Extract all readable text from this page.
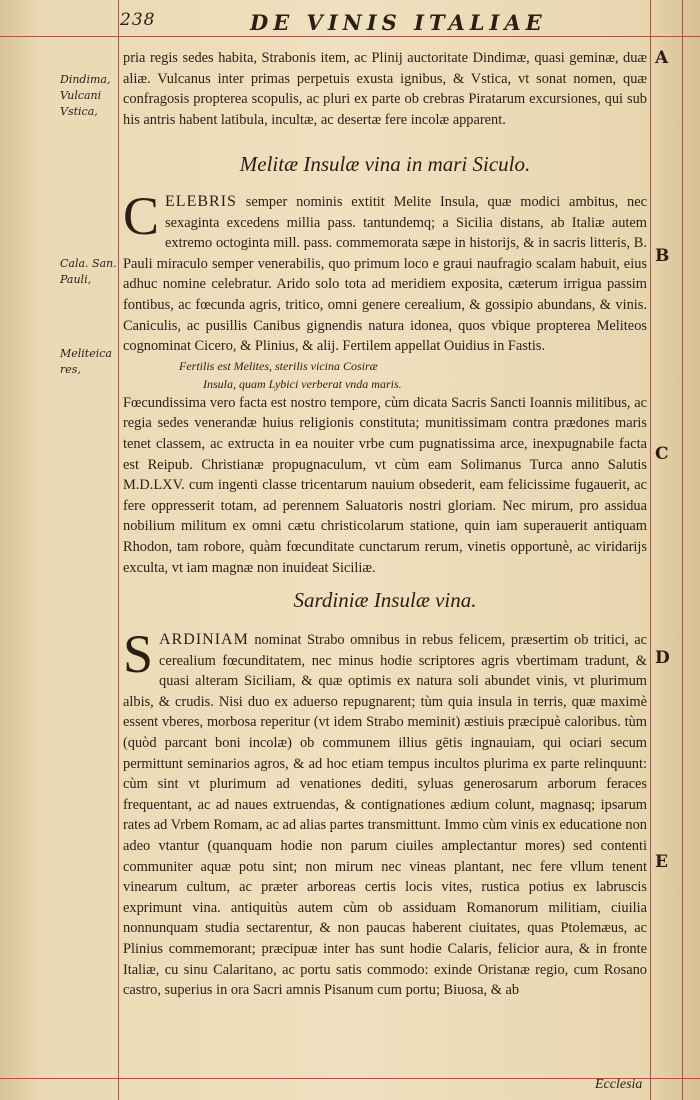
238	DE VINIS ITALIAE
Dindima,
Vulcani
Vstica,
Cala. San.
Pauli,
Meliteica
res,
A
B
C
D
E

pria regis sedes habita, Strabonis item, ac Plinij auctoritate Dindimæ, quasi geminæ, duæ aliæ. Vulcanus inter primas perpetuis exusta ignibus, & Vstica, vt sonat nomen, quæ confragosis propterea scopulis, ac pluri ex parte ob crebras Piratarum excursiones, qui sub his antris habent latibula, incultæ, ac desertæ fere incolæ apparent.

Melitæ Insulæ vina in mari Siculo.

C ELEBRIS semper nominis extitit Melite Insula, quæ modici ambitus, nec sexaginta excedens millia pass. tantundemq; a Sicilia distans, ab Italiæ autem extremo octoginta mill. pass. commemorata sæpe in historijs, & in sacris litteris, B. Pauli miraculo semper venerabilis, quo primum loco e graui naufragio scalam habuit, eius adhuc nomine celebratur. Arido solo tota ad meridiem exposita, cæterum irrigua passim fontibus, ac fœcunda agris, tritico, omni genere cerealium, & gossipio abundans, & vinis. Caniculis, ac pusillis Canibus gignendis natura idonea, quos vbique propterea Meliteos cognominat Cicero, & Plinius, & alij. Fertilem appellat Ouidius in Fastis.

Fertilis est Melites, sterilis vicina Cosiræ

Insula, quam Lybici verberat vnda maris.

Fœcundissima vero facta est nostro tempore, cùm dicata Sacris Sancti Ioannis militibus, ac regia sedes venerandæ huius religionis constituta; munitissimam contra prædones maris tenet classem, ac extructa in ea nouiter vrbe cum pugnatissima arce, inexpugnabile facta est Reipub. Christianæ propugnaculum, vt cùm eam Solimanus Turca anno Salutis M.D.LXV. cum ingenti classe tricentarum nauium obsederit, eam felicissime fugauerit, ac fere oppresserit totam, ad perennem Saluatoris nostri gloriam. Nec mirum, pro assidua nobilium militum ex omni cætu christicolarum statione, quin iam superauerit antiquam Rhodon, tam robore, quàm fœcunditate cunctarum rerum, vinetis opportunè, ac viridarijs exculta, vt iam magnæ non inuideat Siciliæ.

Sardiniæ Insulæ vina.

S ARDINIAM nominat Strabo omnibus in rebus felicem, præsertim ob tritici, ac cerealium fœcunditatem, nec minus hodie scriptores agris vbertimam tradunt, & quasi alteram Siciliam, & quæ optimis ex natura soli abundet vinis, vt plurimum albis, & crudis. Nisi duo ex aduerso repugnarent; tùm quia insula in terris, quæ maximè essent vberes, morbosa reperitur (vt idem Strabo meminit) æstiuis præcipuè caloribus. tùm (quòd parcant boni incolæ) ob communem illius gētis ingnauiam, qui ociari secum permittunt seminarios agros, & ad hoc etiam tempus incultos plurima ex parte relinquunt: cùm sint vt plurimum ad venationes dediti, syluas generosarum arborum feraces frequentant, ac ad naues extruendas, & contignationes ædium colunt, magnasq; ipsarum rates ad Vrbem Romam, ac ad alias partes transmittunt. Immo cùm vinis ex educatione non adeo vtantur (quanquam hodie non parum ciuiles amplectantur mores) sed contenti communiter aquæ potu sint; non mirum nec vineas plantant, nec fere vllum tenent vinearum cultum, ac præter arboreas certis locis vites, rustica potius ex labruscis exprimunt vina. antiquitùs autem cùm ob assiduam Romanorum militiam, ciuilia nonnunquam studia sectarentur, & non paucas haberent ciuitates, quas Ptolemæus, ac Plinius commemorant; præcipuæ inter has sunt hodie Calaris, felicior aura, & in fronte Italiæ, cu sinu Calaritano, ac portu satis commodo: exinde Oristanæ regio, cum Rosano castro, superius in ora Sacri amnis Pisanum cum portu; Biuosa, & ab

Ecclesia
